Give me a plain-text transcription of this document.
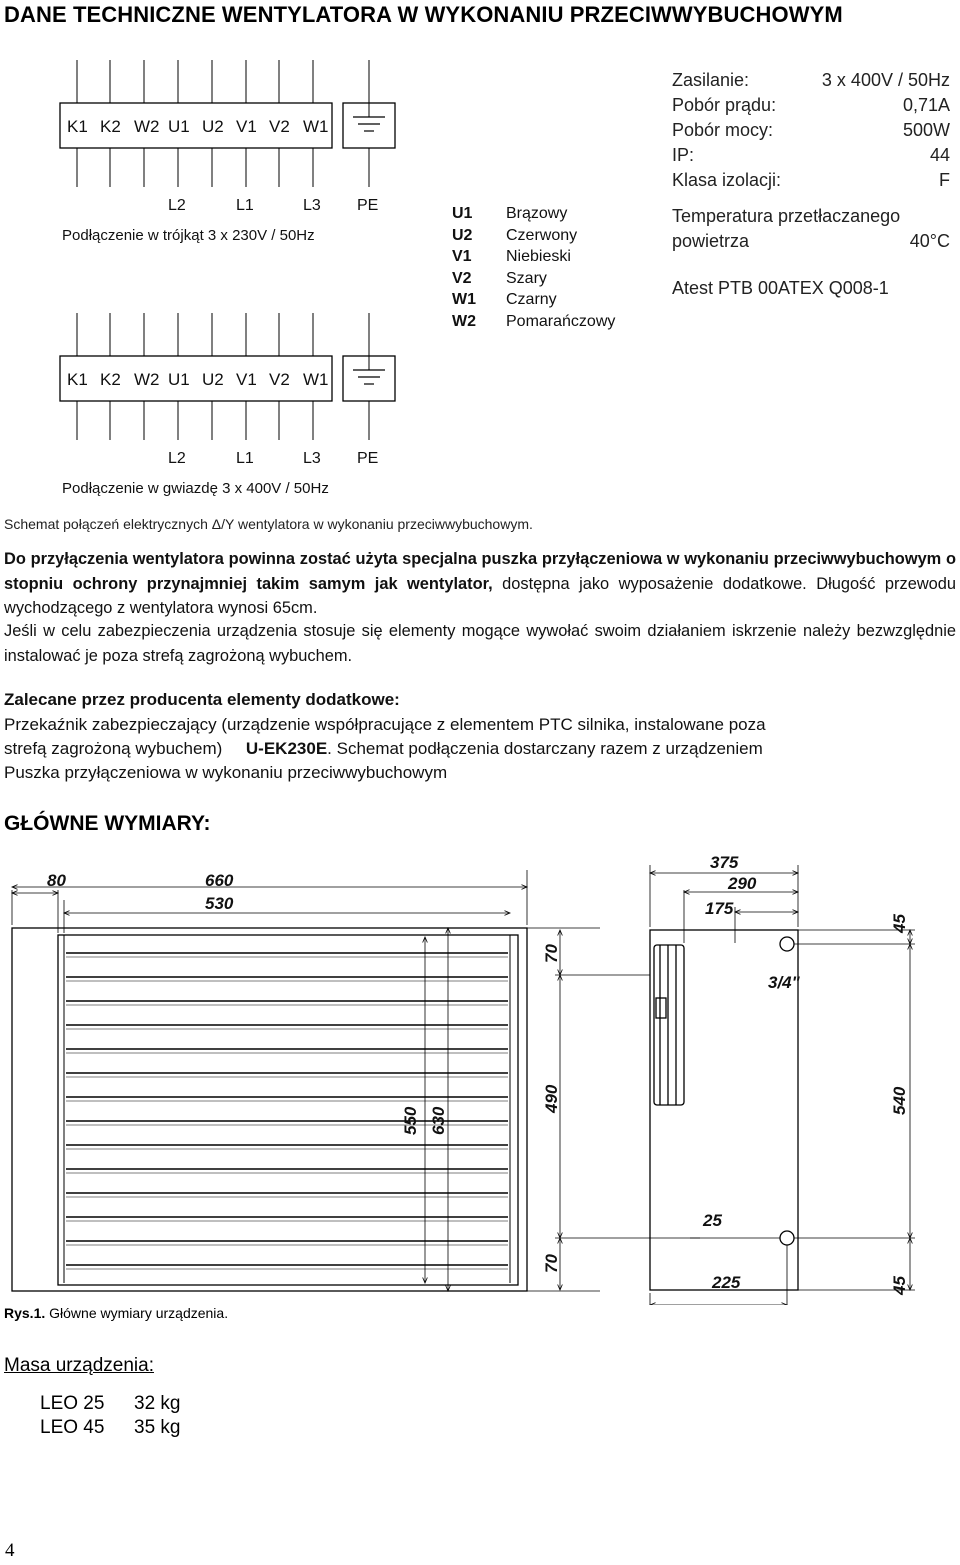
DANE TECHNICZNE WENTYLATORA W WYKONANIU PRZECIWWYBUCHOWYM
K1 K2 W2 U1 U2 V1 V2 W1
L2	L1	L3 PE
Podłączenie w trójkąt 3 x 230V / 50Hz
K1 K2 W2 U1 U2 V1 V2 W1
L2	L1	L3 PE
Podłączenie w gwiazdę 3 x 400V / 50Hz
U1	Brązowy
U2	Czerwony
V1	Niebieski
V2	Szary
W1	Czarny
W2	Pomarańczowy
Zasilanie:	3 x 400V / 50Hz
Pobór prądu:	0,71A
Pobór mocy:	500W
IP:	44
Klasa izolacji:	F
Temperatura przetłaczanego
powietrza	40°C
Atest PTB 00ATEX Q008-1
Schemat połączeń elektrycznych Δ/Y wentylatora w wykonaniu przeciwwybuchowym.
Do przyłączenia wentylatora powinna zostać użyta specjalna puszka przyłączeniowa w wykonaniu przeciwwybuchowym o stopniu ochrony przynajmniej takim samym jak wentylator, dostępna jako wyposażenie dodatkowe. Długość przewodu wychodzącego z wentylatora wynosi 65cm.
Jeśli w celu zabezpieczenia urządzenia stosuje się elementy mogące wywołać swoim działaniem iskrzenie należy bezwzględnie instalować je poza strefą zagrożoną wybuchem.
Zalecane przez producenta elementy dodatkowe:
Przekaźnik zabezpieczający (urządzenie współpracujące z elementem PTC silnika, instalowane poza
strefą zagrożoną wybuchem) U-EK230E. Schemat podłączenia dostarczany razem z urządzeniem
Puszka przyłączeniowa w wykonaniu przeciwwybuchowym
GŁÓWNE WYMIARY:
80	660
530
550 630
375
290
175
45
70
490
70
540
25
225	45
3/4"
Rys.1. Główne wymiary urządzenia.
Masa urządzenia:
LEO 25	32 kg
LEO 45	35 kg
4
